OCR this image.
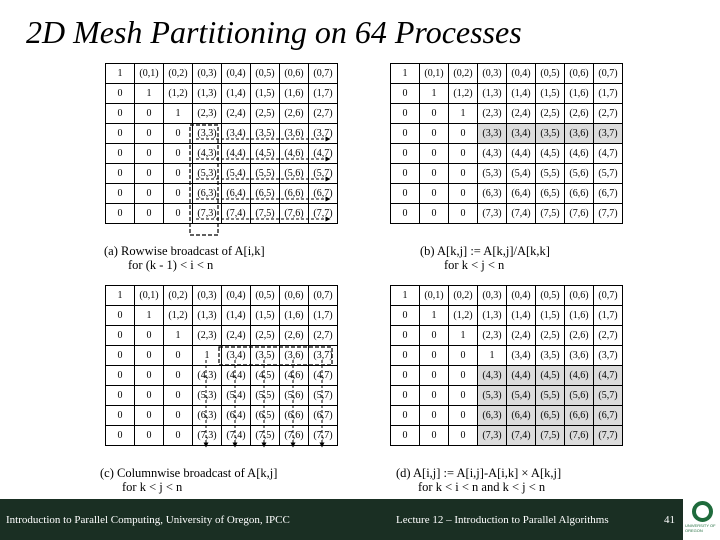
2D Mesh Partitioning on 64 Processes
1	(0,1)	(0,2)	(0,3)	(0,4)	(0,5)	(0,6)	(0,7)
0	1	(1,2)	(1,3)	(1,4)	(1,5)	(1,6)	(1,7)
0	0	1	(2,3)	(2,4)	(2,5)	(2,6)	(2,7)
0	0	0	(3,3)	(3,4)	(3,5)	(3,6)	(3,7)
0	0	0	(4,3)	(4,4)	(4,5)	(4,6)	(4,7)
0	0	0	(5,3)	(5,4)	(5,5)	(5,6)	(5,7)
0	0	0	(6,3)	(6,4)	(6,5)	(6,6)	(6,7)
0	0	0	(7,3)	(7,4)	(7,5)	(7,6)	(7,7)
1	(0,1)	(0,2)	(0,3)	(0,4)	(0,5)	(0,6)	(0,7)
0	1	(1,2)	(1,3)	(1,4)	(1,5)	(1,6)	(1,7)
0	0	1	(2,3)	(2,4)	(2,5)	(2,6)	(2,7)
0	0	0	(3,3)	(3,4)	(3,5)	(3,6)	(3,7)
0	0	0	(4,3)	(4,4)	(4,5)	(4,6)	(4,7)
0	0	0	(5,3)	(5,4)	(5,5)	(5,6)	(5,7)
0	0	0	(6,3)	(6,4)	(6,5)	(6,6)	(6,7)
0	0	0	(7,3)	(7,4)	(7,5)	(7,6)	(7,7)
1	(0,1)	(0,2)	(0,3)	(0,4)	(0,5)	(0,6)	(0,7)
0	1	(1,2)	(1,3)	(1,4)	(1,5)	(1,6)	(1,7)
0	0	1	(2,3)	(2,4)	(2,5)	(2,6)	(2,7)
0	0	0	1	(3,4)	(3,5)	(3,6)	(3,7)
0	0	0	(4,3)	(4,4)	(4,5)	(4,6)	(4,7)
0	0	0	(5,3)	(5,4)	(5,5)	(5,6)	(5,7)
0	0	0	(6,3)	(6,4)	(6,5)	(6,6)	(6,7)
0	0	0	(7,3)	(7,4)	(7,5)	(7,6)	(7,7)
1	(0,1)	(0,2)	(0,3)	(0,4)	(0,5)	(0,6)	(0,7)
0	1	(1,2)	(1,3)	(1,4)	(1,5)	(1,6)	(1,7)
0	0	1	(2,3)	(2,4)	(2,5)	(2,6)	(2,7)
0	0	0	1	(3,4)	(3,5)	(3,6)	(3,7)
0	0	0	(4,3)	(4,4)	(4,5)	(4,6)	(4,7)
0	0	0	(5,3)	(5,4)	(5,5)	(5,6)	(5,7)
0	0	0	(6,3)	(6,4)	(6,5)	(6,6)	(6,7)
0	0	0	(7,3)	(7,4)	(7,5)	(7,6)	(7,7)
(a) Rowwise broadcast of A[i,k]
for (k - 1) < i < n
(b) A[k,j] := A[k,j]/A[k,k]
for k < j < n
(c) Columnwise broadcast of A[k,j]
for k < j < n
(d) A[i,j] := A[i,j]-A[i,k] × A[k,j]
for k < i < n and k < j < n
Introduction to Parallel Computing, University of Oregon, IPCC	Lecture 12 – Introduction to Parallel Algorithms	41	UNIVERSITY OF OREGON
